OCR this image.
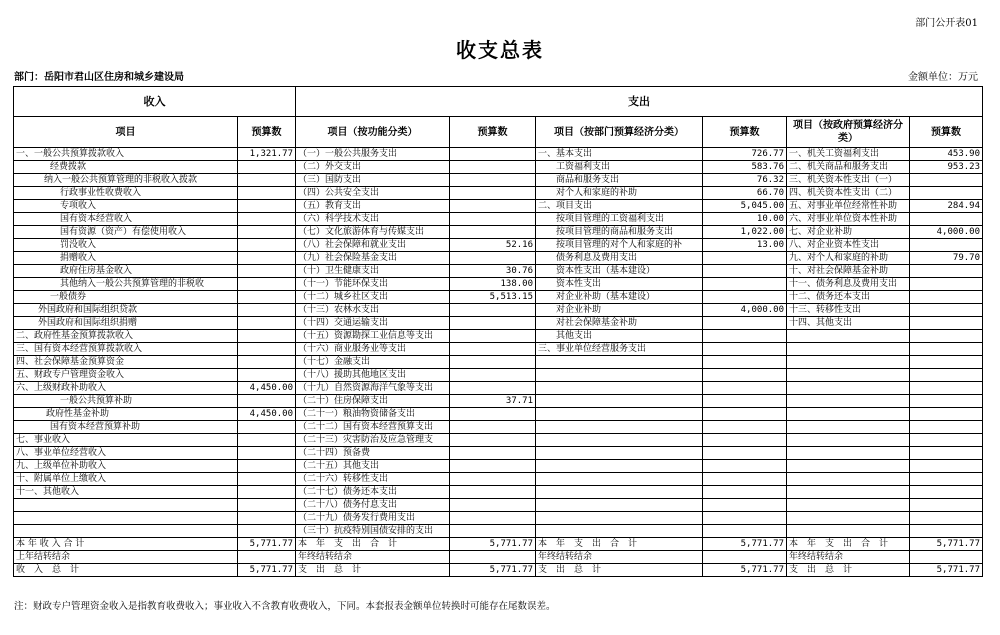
部门公开表01
收支总表
部门：岳阳市君山区住房和城乡建设局	金额单位：万元
收入		支出					
项目	预算数	项目（按功能分类）	预算数	项目（按部门预算经济分类）	预算数	项目（按政府预算经济分类）	预算数
一、一般公共预算拨款收入	1,321.77	（一）一般公共服务支出		一、基本支出	726.77	一、机关工资福利支出	453.90
经费拨款		（二）外交支出		工资福利支出	583.76	二、机关商品和服务支出	953.23
纳入一般公共预算管理的非税收入拨款		（三）国防支出		商品和服务支出	76.32	三、机关资本性支出（一）	
行政事业性收费收入		（四）公共安全支出		对个人和家庭的补助	66.70	四、机关资本性支出（二）	
专项收入		（五）教育支出		二、项目支出	5,045.00	五、对事业单位经常性补助	284.94
国有资本经营收入		（六）科学技术支出		按项目管理的工资福利支出	10.00	六、对事业单位资本性补助	
国有资源（资产）有偿使用收入		（七）文化旅游体育与传媒支出		按项目管理的商品和服务支出	1,022.00	七、对企业补助	4,000.00
罚没收入		（八）社会保障和就业支出	52.16	按项目管理的对个人和家庭的补	13.00	八、对企业资本性支出	
捐赠收入		（九）社会保险基金支出		债务利息及费用支出		九、对个人和家庭的补助	79.70
政府住房基金收入		（十）卫生健康支出	30.76	资本性支出（基本建设）		十、对社会保障基金补助	
其他纳入一般公共预算管理的非税收		（十一）节能环保支出	138.00	资本性支出		十一、债务利息及费用支出	
一般债券		（十二）城乡社区支出	5,513.15	对企业补助（基本建设）		十二、债务还本支出	
外国政府和国际组织贷款		（十三）农林水支出		对企业补助	4,000.00	十三、转移性支出	
外国政府和国际组织捐赠		（十四）交通运输支出		对社会保障基金补助		十四、其他支出	
二、政府性基金预算拨款收入		（十五）资源勘探工业信息等支出		其他支出			
三、国有资本经营预算拨款收入		（十六）商业服务业等支出		三、事业单位经营服务支出			
四、社会保障基金预算资金		（十七）金融支出					
五、财政专户管理资金收入		（十八）援助其他地区支出					
六、上级财政补助收入	4,450.00	（十九）自然资源海洋气象等支出					
一般公共预算补助		（二十）住房保障支出	37.71				
政府性基金补助	4,450.00	（二十一）粮油物资储备支出					
国有资本经营预算补助		（二十二）国有资本经营预算支出					
七、事业收入		（二十三）灾害防治及应急管理支					
八、事业单位经营收入		（二十四）预备费					
九、上级单位补助收入		（二十五）其他支出					
十、附属单位上缴收入		（二十六）转移性支出					
十一、其他收入		（二十七）债务还本支出					
		（二十八）债务付息支出					
		（二十九）债务发行费用支出					
		（三十）抗疫特别国债安排的支出					
本 年 收 入 合 计	5,771.77	本　年　支　出　合　计	5,771.77	本　年　支　出　合　计	5,771.77	本　年　支　出　合　计	5,771.77
上年结转结余		年终结转结余		年终结转结余		年终结转结余	
收　入　总　计	5,771.77	支　出　总　计	5,771.77	支　出　总　计	5,771.77	支　出　总　计	5,771.77
注：财政专户管理资金收入是指教育收费收入；事业收入不含教育收费收入，下同。本套报表金额单位转换时可能存在尾数误差。
